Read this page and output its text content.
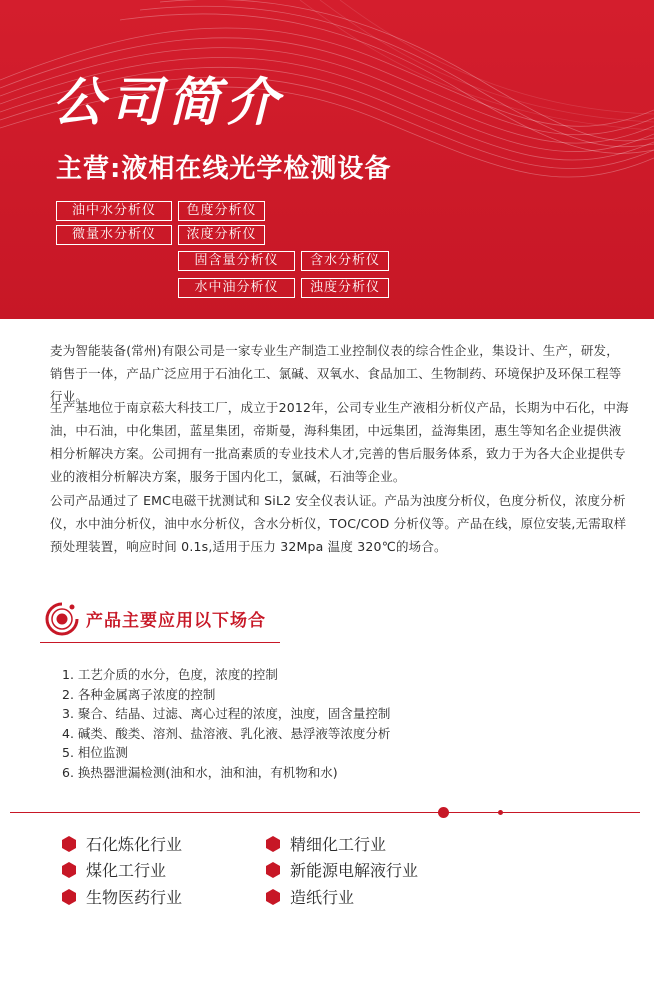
公司简介
主营:液相在线光学检测设备
油中水分析仪	色度分析仪
微量水分析仪	浓度分析仪
固含量分析仪	含水分析仪
水中油分析仪	浊度分析仪

麦为智能装备(常州)有限公司是一家专业生产制造工业控制仪表的综合性企业，集设计、生产，研发，销售于一体，产品广泛应用于石油化工、氯碱、双氧水、食品加工、生物制药、环境保护及环保工程等行业。

生产基地位于南京菘大科技工厂，成立于2012年，公司专业生产液相分析仪产品，长期为中石化，中海油，中石油，中化集团，蓝星集团，帝斯曼，海科集团，中远集团，益海集团，惠生等知名企业提供液相分析解决方案。公司拥有一批高素质的专业技术人才,完善的售后服务体系，致力于为各大企业提供专业的液相分析解决方案，服务于国内化工，氯碱，石油等企业。

公司产品通过了 EMC电磁干扰测试和 SiL2 安全仪表认证。产品为浊度分析仪，色度分析仪，浓度分析仪，水中油分析仪，油中水分析仪，含水分析仪，TOC/COD 分析仪等。产品在线，原位安装,无需取样预处理装置，响应时间 0.1s,适用于压力 32Mpa 温度 320℃的场合。

产品主要应用以下场合
1. 工艺介质的水分，色度，浓度的控制
2. 各种金属离子浓度的控制
3. 聚合、结晶、过滤、离心过程的浓度，浊度，固含量控制
4. 碱类、酸类、溶剂、盐溶液、乳化液、悬浮液等浓度分析
5. 相位监测
6. 换热器泄漏检测(油和水，油和油，有机物和水)
石化炼化行业	精细化工行业
煤化工行业	新能源电解液行业
生物医药行业	造纸行业
